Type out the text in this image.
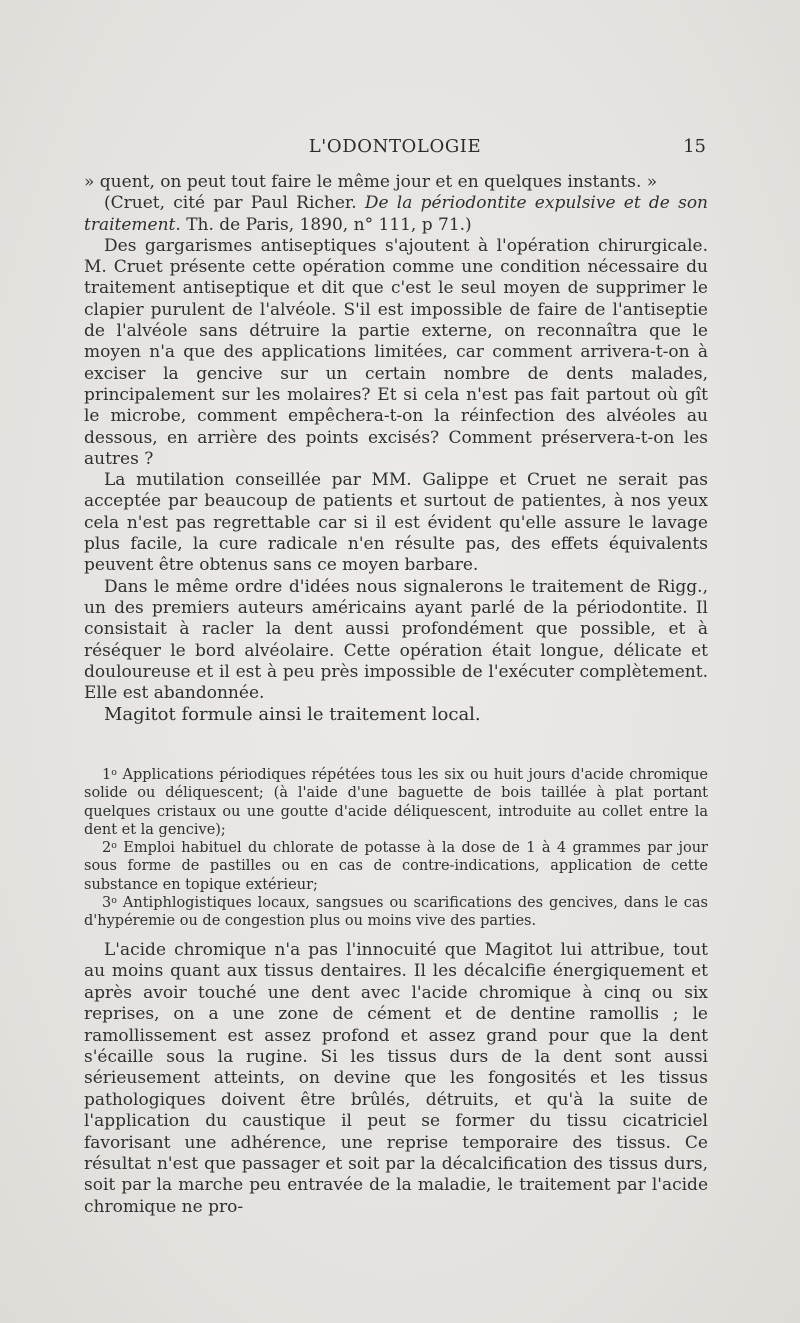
L'ODONTOLOGIE	15

» quent, on peut tout faire le même jour et en quelques instants. »

(Cruet, cité par Paul Richer. De la périodontite expulsive et de son traitement. Th. de Paris, 1890, n° 111, p 71.)

Des gargarismes antiseptiques s'ajoutent à l'opération chirurgicale. M. Cruet présente cette opération comme une condition nécessaire du traitement antiseptique et dit que c'est le seul moyen de supprimer le clapier purulent de l'alvéole. S'il est impossible de faire de l'antiseptie de l'alvéole sans détruire la partie externe, on reconnaîtra que le moyen n'a que des applications limitées, car comment arrivera-t-on à exciser la gencive sur un certain nombre de dents malades, principalement sur les molaires? Et si cela n'est pas fait partout où gît le microbe, comment empêchera-t-on la réinfection des alvéoles au dessous, en arrière des points excisés? Comment préservera-t-on les autres ?

La mutilation conseillée par MM. Galippe et Cruet ne serait pas acceptée par beaucoup de patients et surtout de patientes, à nos yeux cela n'est pas regrettable car si il est évident qu'elle assure le lavage plus facile, la cure radicale n'en résulte pas, des effets équivalents peuvent être obtenus sans ce moyen barbare.

Dans le même ordre d'idées nous signalerons le traitement de Rigg., un des premiers auteurs américains ayant parlé de la périodontite. Il consistait à racler la dent aussi profondément que possible, et à réséquer le bord alvéolaire. Cette opération était longue, délicate et douloureuse et il est à peu près impossible de l'exécuter complètement. Elle est abandonnée.

Magitot formule ainsi le traitement local.

1$^o$ Applications périodiques répétées tous les six ou huit jours d'acide chromique solide ou déliquescent; (à l'aide d'une baguette de bois taillée à plat portant quelques cristaux ou une goutte d'acide déliquescent, introduite au collet entre la dent et la gencive);

2$^o$ Emploi habituel du chlorate de potasse à la dose de 1 à 4 grammes par jour sous forme de pastilles ou en cas de contre-indications, application de cette substance en topique extérieur;

3$^o$ Antiphlogistiques locaux, sangsues ou scarifications des gencives, dans le cas d'hypéremie ou de congestion plus ou moins vive des parties.

L'acide chromique n'a pas l'innocuité que Magitot lui attribue, tout au moins quant aux tissus dentaires. Il les décalcifie énergiquement et après avoir touché une dent avec l'acide chromique à cinq ou six reprises, on a une zone de cément et de dentine ramollis ; le ramollissement est assez profond et assez grand pour que la dent s'écaille sous la rugine. Si les tissus durs de la dent sont aussi sérieusement atteints, on devine que les fongosités et les tissus pathologiques doivent être brûlés, détruits, et qu'à la suite de l'application du caustique il peut se former du tissu cicatriciel favorisant une adhérence, une reprise temporaire des tissus. Ce résultat n'est que passager et soit par la décalcification des tissus durs, soit par la marche peu entravée de la maladie, le traitement par l'acide chromique ne pro-
